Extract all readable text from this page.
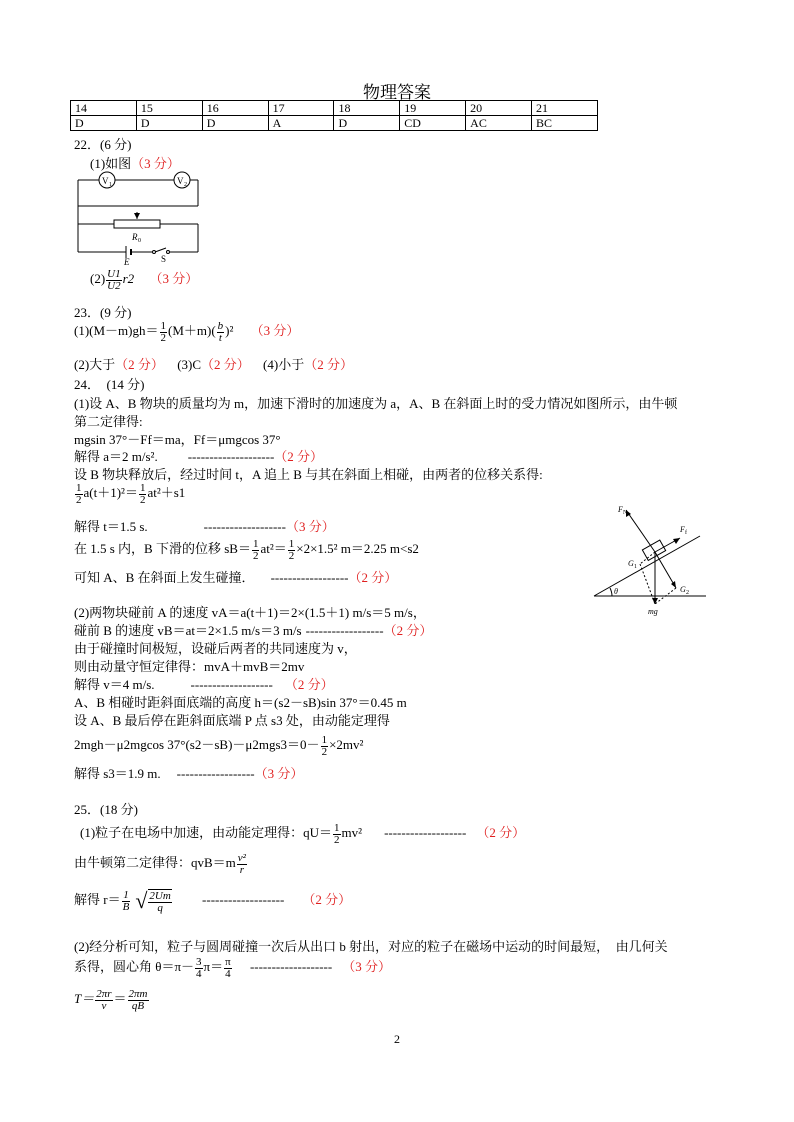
物理答案
14	15	16	17	18	19	20	21
D	D	D	A	D	CD	AC	BC
22．(6 分)
(1)如图（3 分）
V 1	V 2
R 0
E	S
$(2) \frac{U1}{U2} r2$ （3 分）
23．(9 分)
$(1)(M-m)gh= \frac{1}{2} (M+m)( \frac{b}{t} )^2$ （3 分）
(2)大于（2 分） (3)C（2 分） (4)小于（2 分）
24．　(14 分)
(1)设 A、B 物块的质量均为 m，加速下滑时的加速度为 a，A、B 在斜面上时的受力情况如图所示，由牛顿
第二定律得:
mgsin 37°－Ff＝ma，Ff＝μmgcos 37°
解得 a＝2 m/s². --------------------（2 分）
设 B 物块释放后，经过时间 t，A 追上 B 与其在斜面上相碰，由两者的位移关系得:
$\frac{1}{2} a(t+1)^2= \frac{1}{2} at^2+s1$
解得 t＝1.5 s.	-------------------（3 分）
在 1.5 s 内，B 下滑的位移 $sB= \frac{1}{2} at^2= \frac{1}{2} \times 2\times 1.5^2$ m＝2.25 m<s2
可知 A、B 在斜面上发生碰撞． ------------------（2 分）
(2)两物块碰前 A 的速度 vA＝a(t＋1)＝2×(1.5＋1) m/s＝5 m/s，
碰前 B 的速度 vB＝at＝2×1.5 m/s＝3 m/s ------------------（2 分）
由于碰撞时间极短，设碰后两者的共同速度为 v，
则由动量守恒定律得：mvA＋mvB＝2mv
解得 v＝4 m/s.	------------------- （2 分）
A、B 相碰时距斜面底端的高度 h＝(s2－sB)sin 37°＝0.45 m
设 A、B 最后停在距斜面底端 P 点 s3 处，由动能定理得
2mgh－μ2mgcos $37^\circ(s2-sB)-\mu 2mgs3=0- \frac{1}{2} \times 2mv^2$
解得 s3＝1.9 m. ------------------（3 分）
F N
F f
G 1
G 2
θ
mg
25．(18 分)
(1)粒子在电场中加速，由动能定理得：$qU= \frac{1}{2} mv^2$ ------------------- （2 分）
由牛顿第二定律得：$qvB=m \frac{\text{v²}}{r}$
解得 $r= \frac{1}{B}$ √ $\frac{2Um}{q}$ ------------------- （2 分）
(2)经分析可知，粒子与圆周碰撞一次后从出口 b 射出，对应的粒子在磁场中运动的时间最短，　由几何关
系得，圆心角 $\theta=\pi- \frac{3}{4} \pi= \frac{\pi}{4}$ ------------------- （3 分）
$T= \frac{2\pi r}{v} = \frac{2\pi m}{qB}$
2
